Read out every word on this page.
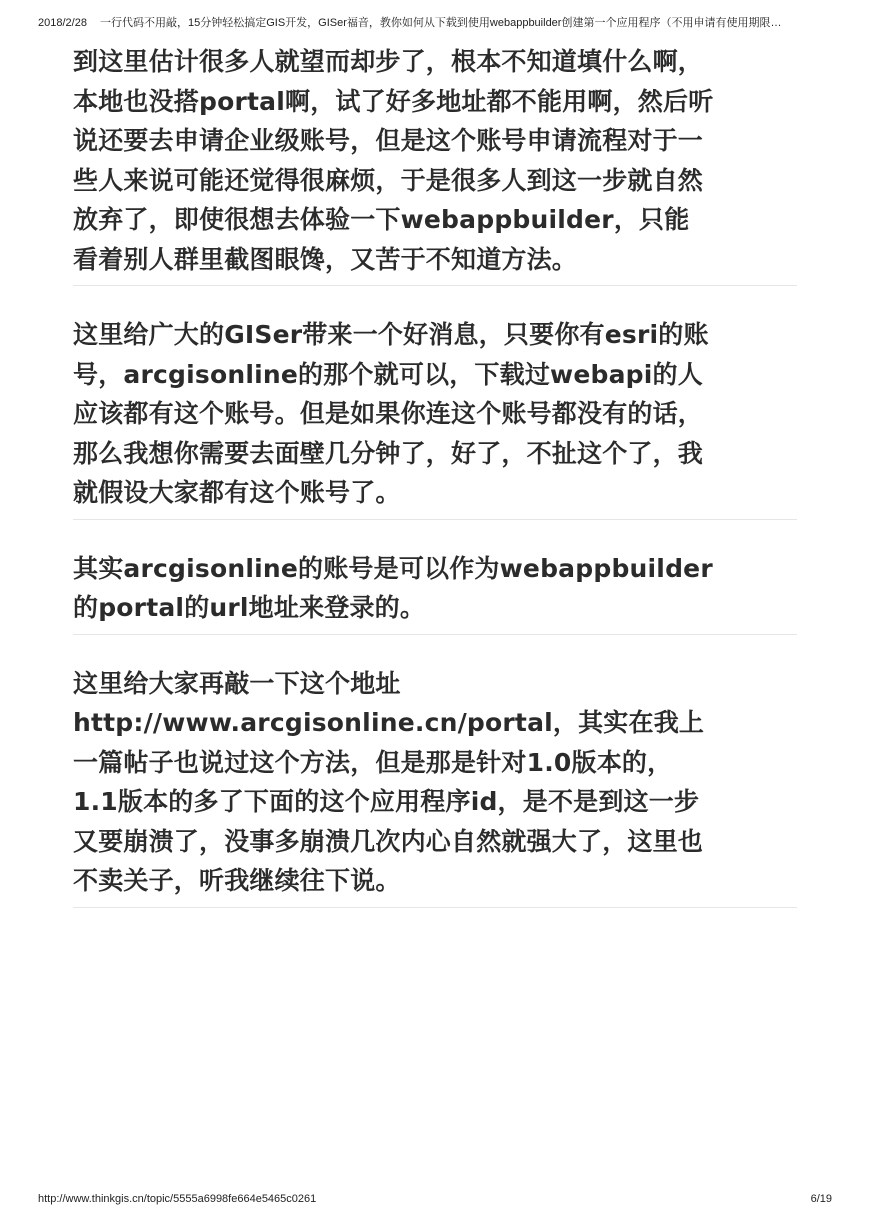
2018/2/28 一行代码不用敲，15分钟轻松搞定GIS开发，GISer福音，教你如何从下载到使用webappbuilder创建第一个应用程序（不用申请有使用期限…

到这里估计很多人就望而却步了，根本不知道填什么啊，
本地也没搭portal啊，试了好多地址都不能用啊，然后听
说还要去申请企业级账号，但是这个账号申请流程对于一
些人来说可能还觉得很麻烦，于是很多人到这一步就自然
放弃了，即使很想去体验一下webappbuilder，只能
看着别人群里截图眼馋，又苦于不知道方法。

这里给广大的GISer带来一个好消息，只要你有esri的账
号，arcgisonline的那个就可以，下载过webapi的人
应该都有这个账号。但是如果你连这个账号都没有的话，
那么我想你需要去面壁几分钟了，好了，不扯这个了，我
就假设大家都有这个账号了。

其实arcgisonline的账号是可以作为webappbuilder
的portal的url地址来登录的。

这里给大家再敲一下这个地址
http://www.arcgisonline.cn/portal，其实在我上
一篇帖子也说过这个方法，但是那是针对1.0版本的，
1.1版本的多了下面的这个应用程序id，是不是到这一步
又要崩溃了，没事多崩溃几次内心自然就强大了，这里也
不卖关子，听我继续往下说。

http://www.thinkgis.cn/topic/5555a6998fe664e5465c0261	6/19
